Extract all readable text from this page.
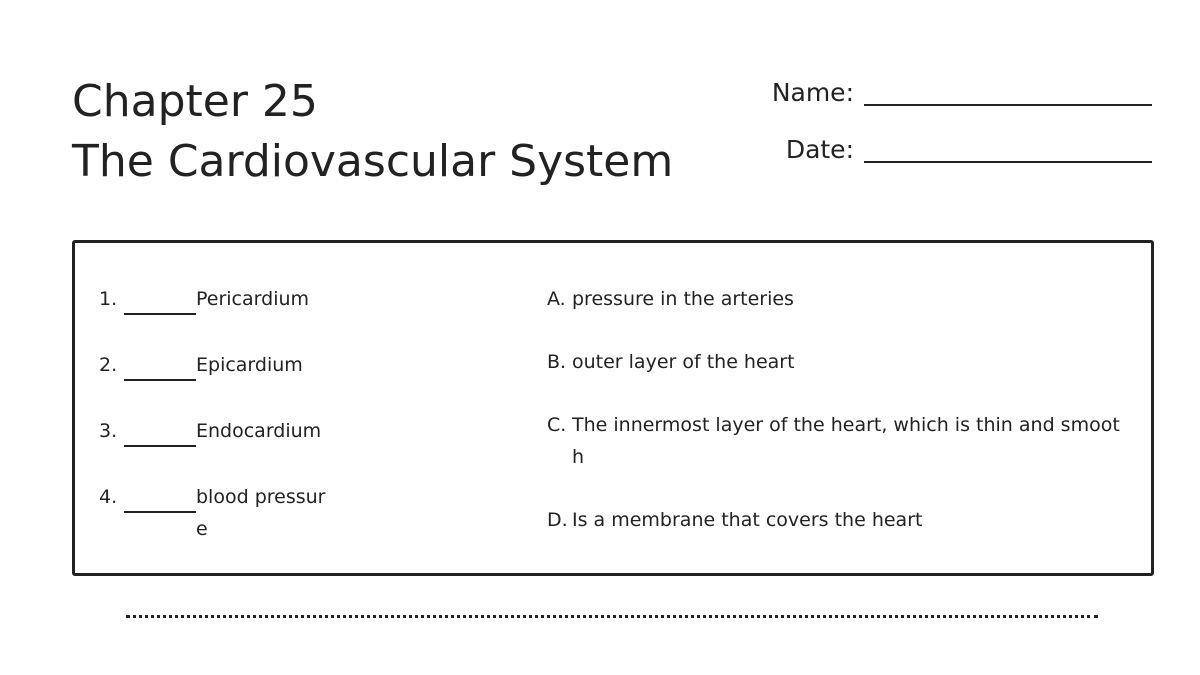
Chapter 25
The Cardiovascular System
Name:
Date:
1.	Pericardium
2.	Epicardium
3.	Endocardium
4.	blood pressure
A. pressure in the arteries
B. outer layer of the heart
C. The innermost layer of the heart, which is thin and smooth
D. Is a membrane that covers the heart
